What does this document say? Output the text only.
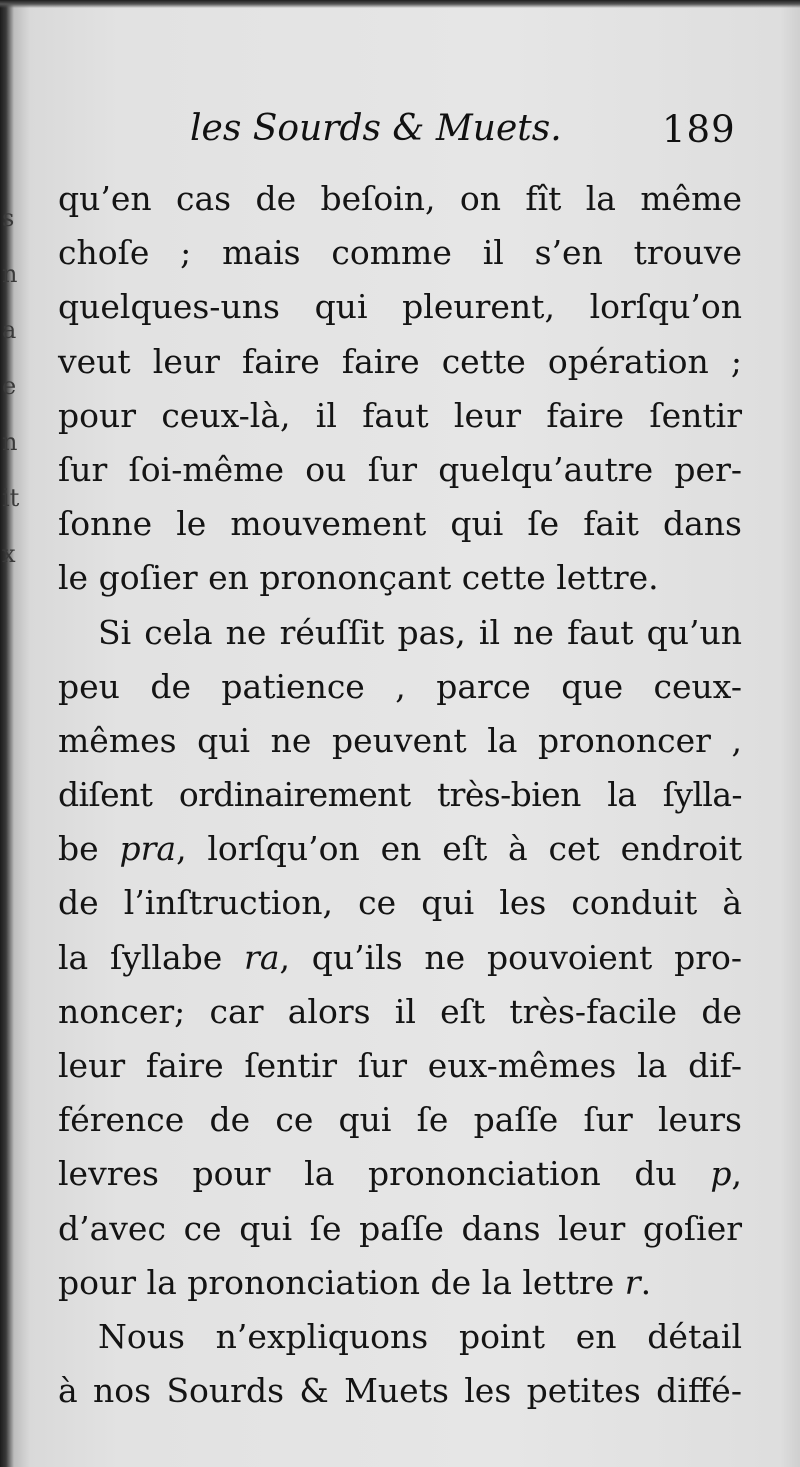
s
n
a
e
n
it
x
les Sourds & Muets.	189
qu’en cas de beſoin, on fît la même
choſe ; mais comme il s’en trouve
quelques-uns qui pleurent, lorſqu’on
veut leur faire faire cette opération ;
pour ceux-là, il faut leur faire ſentir
ſur ſoi-même ou ſur quelqu’autre per-
ſonne le mouvement qui ſe fait dans
le goſier en prononçant cette lettre.
Si cela ne réuſſit pas, il ne faut qu’un
peu de patience , parce que ceux-
mêmes qui ne peuvent la prononcer ,
diſent ordinairement très-bien la ſylla-
be pra, lorſqu’on en eſt à cet endroit
de l’inſtruction, ce qui les conduit à
la ſyllabe ra, qu’ils ne pouvoient pro-
noncer; car alors il eſt très-facile de
leur faire ſentir ſur eux-mêmes la dif-
férence de ce qui ſe paſſe ſur leurs
levres pour la prononciation du p,
d’avec ce qui ſe paſſe dans leur goſier
pour la prononciation de la lettre r.
Nous n’expliquons point en détail
à nos Sourds & Muets les petites diffé-
